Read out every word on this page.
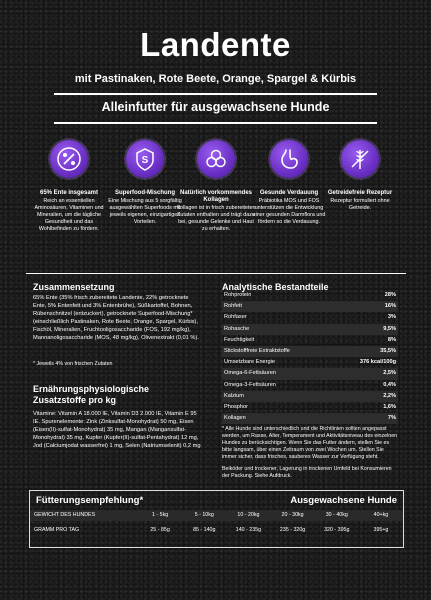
Landente
mit Pastinaken, Rote Beete, Orange, Spargel & Kürbis
Alleinfutter für ausgewachsene Hunde
65% Ente insgesamt
Reich an essentiellen Aminosäuren, Vitaminen und Mineralien, um die tägliche Gesundheit und das Wohlbefinden zu fördern.
S
Superfood-Mischung
Eine Mischung aus 5 sorgfältig ausgewählten Superfoods mit jeweils eigenen, einzigartigen Vorteilen.
Natürlich vorkommendes Kollagen
Kollagen ist in frisch zubereiteten Zutaten enthalten und trägt dazu bei, gesunde Gelenke und Haut zu erhalten.
Gesunde Verdauung
Präbiotika MOS und FOS unterstützen die Entwicklung einer gesunden Darmflora und fördern so die Verdauung.
Getreidefreie Rezeptur
Rezeptur formuliert ohne Getreide.
Zusammensetzung
65% Ente (35% frisch zubereitete Landente, 22% getrocknete Ente, 5% Entenfett und 3% Entenbrühe), Süßkartoffel, Bohnen, Rübenschnitzel (entzuckert), getrocknete Superfood-Mischung* (einschließlich Pastinaken, Rote Beete, Orange, Spargel, Kürbis), Fischöl, Mineralien, Fruchtooligosaccharide (FOS, 192 mg/kg), Mannanoligosaccharide (MOS, 48 mg/kg), Olivenextrakt (0,01 %).
* Jeweils 4% von frischen Zutaten
Ernährungsphysiologische Zusatzstoffe pro kg
Vitamine: Vitamin A 18.000 IE, Vitamin D3 2.000 IE, Vitamin E 95 IE. Spurenelemente: Zink (Zinksulfat-Monohydrat) 50 mg, Eisen (Eisen(II)-sulfat-Monohydrat) 35 mg, Mangan (Mangansulfat-Monohydrat) 35 mg, Kupfer (Kupfer(II)-sulfat-Pentahydrat) 12 mg, Jod (Calciumjodat wasserfrei) 1 mg, Selen (Natriumselenit) 0,2 mg
Analytische Bestandteile
Rohprotein	28%
Rohfett	16%
Rohfaser	3%
Rohasche	9,5%
Feuchtigkeit	8%
Stickstofffreie Extraktstoffe	35,5%
Umsetzbare Energie	376 kcal/100g
Omega-6-Fettsäuren	2,5%
Omega-3-Fettsäuren	0,4%
Kalzium	2,2%
Phosphor	1,6%
Kollagen	7%
* Alle Hunde sind unterschiedlich und die Richtlinien sollten angepasst werden, um Rasse, Alter, Temperament und Aktivitätsniveau des einzelnen Hundes zu berücksichtigen. Wenn Sie das Futter ändern, stellen Sie es bitte langsam, über einen Zeitraum von zwei Wochen um. Stellen Sie immer sicher, dass frisches, sauberes Wasser zur Verfügung steht.
Beiköder und trockener, Lagerung in trockenen Umfeld bei Konsumieren der Packung. Siehe Aufdruck.
Fütterungsempfehlung*	Ausgewachsene Hunde
GEWICHT DES HUNDES	1 - 5kg	5 - 10kg	10 - 20kg	20 - 30kg	30 - 40kg	40+kg
GRAMM PRO TAG	25 - 85g	85 - 140g	140 - 235g	235 - 320g	320 - 395g	395+g
